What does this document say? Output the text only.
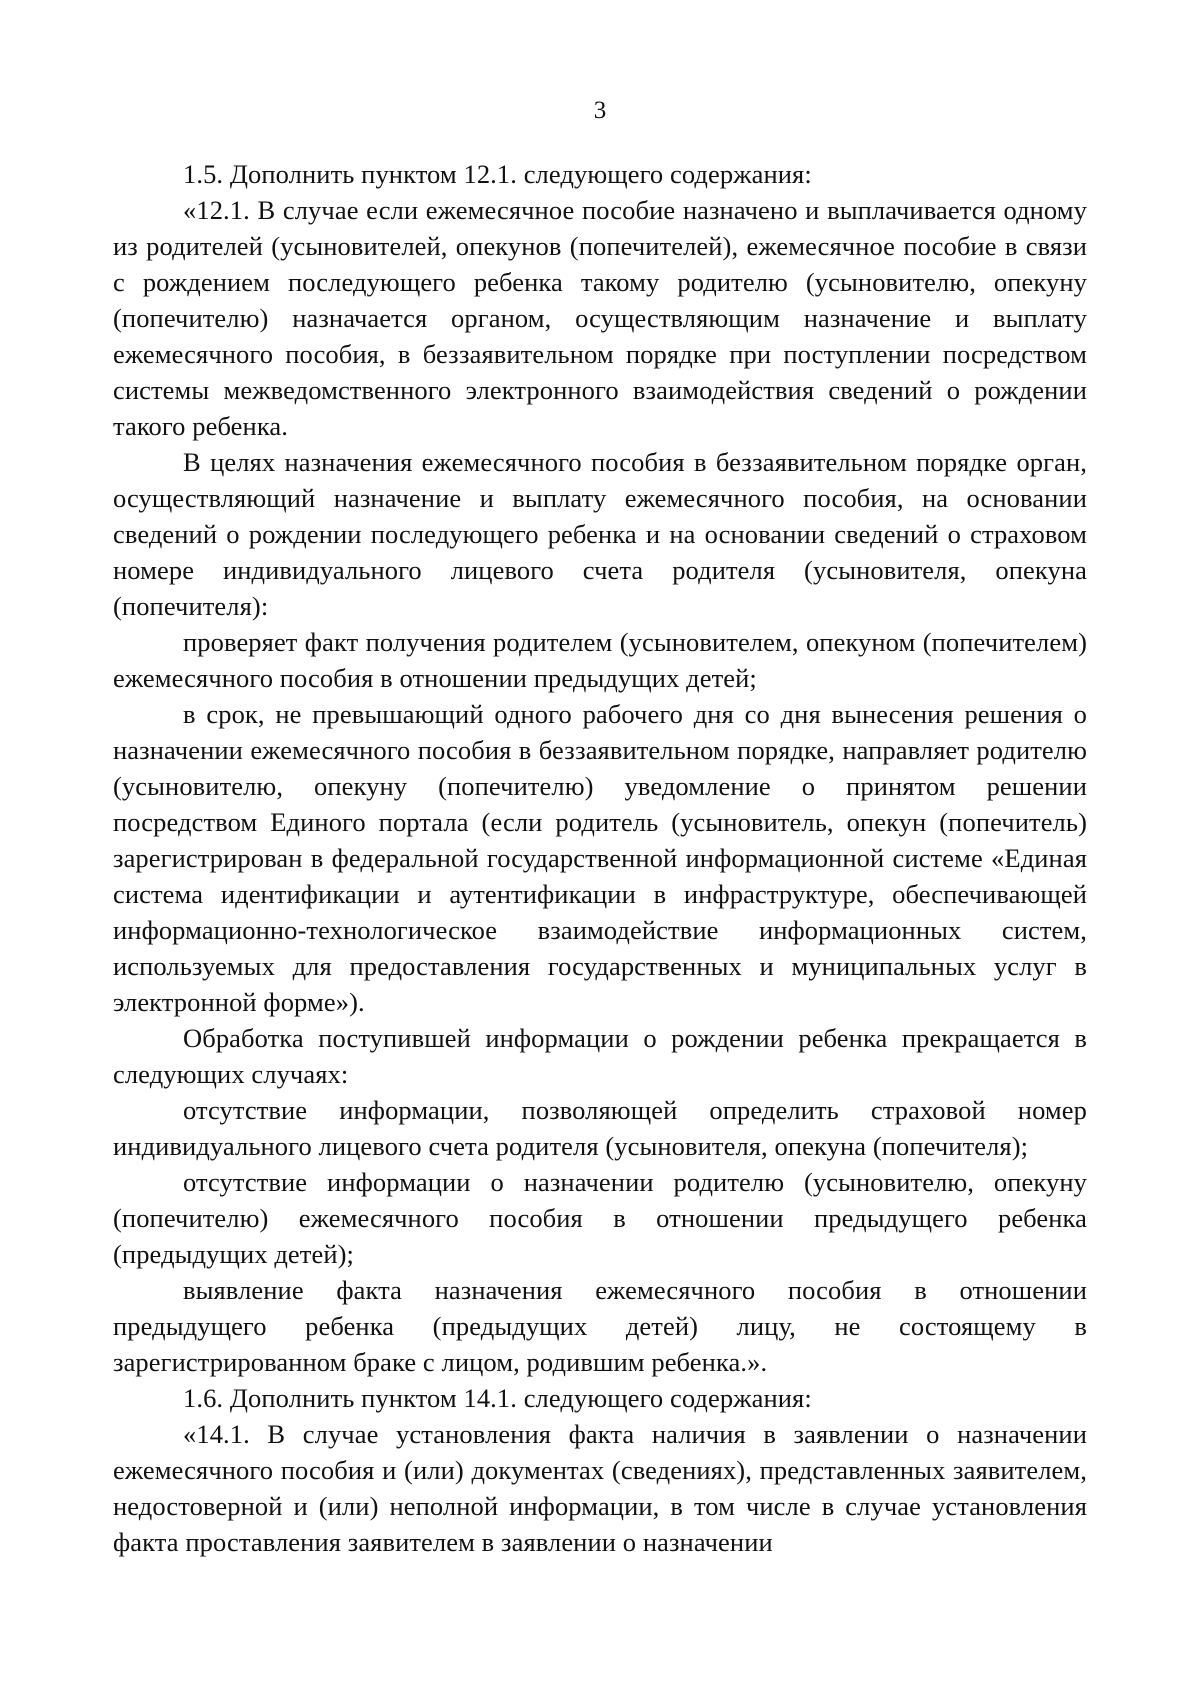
3

1.5. Дополнить пунктом 12.1. следующего содержания:

«12.1. В случае если ежемесячное пособие назначено и выплачивается одному из родителей (усыновителей, опекунов (попечителей), ежемесячное пособие в связи с рождением последующего ребенка такому родителю (усыновителю, опекуну (попечителю) назначается органом, осуществляющим назначение и выплату ежемесячного пособия, в беззаявительном порядке при поступлении посредством системы межведомственного электронного взаимодействия сведений о рождении такого ребенка.

В целях назначения ежемесячного пособия в беззаявительном порядке орган, осуществляющий назначение и выплату ежемесячного пособия, на основании сведений о рождении последующего ребенка и на основании сведений о страховом номере индивидуального лицевого счета родителя (усыновителя, опекуна (попечителя):

проверяет факт получения родителем (усыновителем, опекуном (попечителем) ежемесячного пособия в отношении предыдущих детей;

в срок, не превышающий одного рабочего дня со дня вынесения решения о назначении ежемесячного пособия в беззаявительном порядке, направляет родителю (усыновителю, опекуну (попечителю) уведомление о принятом решении посредством Единого портала (если родитель (усыновитель, опекун (попечитель) зарегистрирован в федеральной государственной информационной системе «Единая система идентификации и аутентификации в инфраструктуре, обеспечивающей информационно-технологическое взаимодействие информационных систем, используемых для предоставления государственных и муниципальных услуг в электронной форме»).

Обработка поступившей информации о рождении ребенка прекращается в следующих случаях:

отсутствие информации, позволяющей определить страховой номер индивидуального лицевого счета родителя (усыновителя, опекуна (попечителя);

отсутствие информации о назначении родителю (усыновителю, опекуну (попечителю) ежемесячного пособия в отношении предыдущего ребенка (предыдущих детей);

выявление факта назначения ежемесячного пособия в отношении предыдущего ребенка (предыдущих детей) лицу, не состоящему в зарегистрированном браке с лицом, родившим ребенка.».

1.6. Дополнить пунктом 14.1. следующего содержания:

«14.1. В случае установления факта наличия в заявлении о назначении ежемесячного пособия и (или) документах (сведениях), представленных заявителем, недостоверной и (или) неполной информации, в том числе в случае установления факта проставления заявителем в заявлении о назначении
